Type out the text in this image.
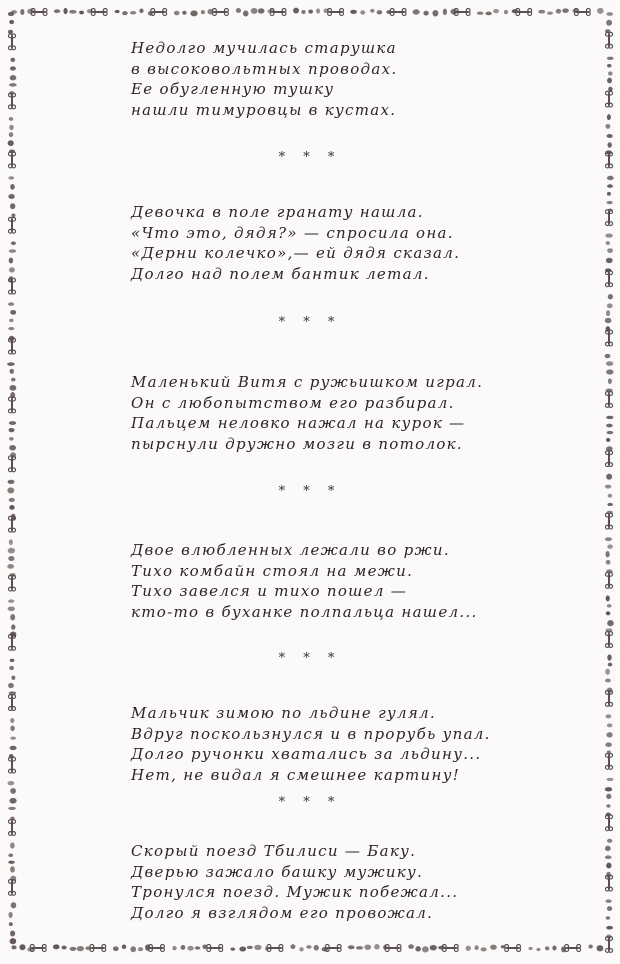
Недолго мучилась старушка
в высоковольтных проводах.
Ее обугленную тушку
нашли тимуровцы в кустах.
* * *
Девочка в поле гранату нашла.
«Что это, дядя?» — спросила она.
«Дерни колечко»,— ей дядя сказал.
Долго над полем бантик летал.
* * *
Маленький Витя с ружьишком играл.
Он с любопытством его разбирал.
Пальцем неловко нажал на курок —
пырснули дружно мозги в потолок.
* * *
Двое влюбленных лежали во ржи.
Тихо комбайн стоял на межи.
Тихо завелся и тихо пошел —
кто-то в буханке полпальца нашел...
* * *
Мальчик зимою по льдине гулял.
Вдруг поскользнулся и в прорубь упал.
Долго ручонки хватались за льдину...
Нет, не видал я смешнее картину!
* * *
Скорый поезд Тбилиси — Баку.
Дверью зажало башку мужику.
Тронулся поезд. Мужик побежал...
Долго я взглядом его провожал.
